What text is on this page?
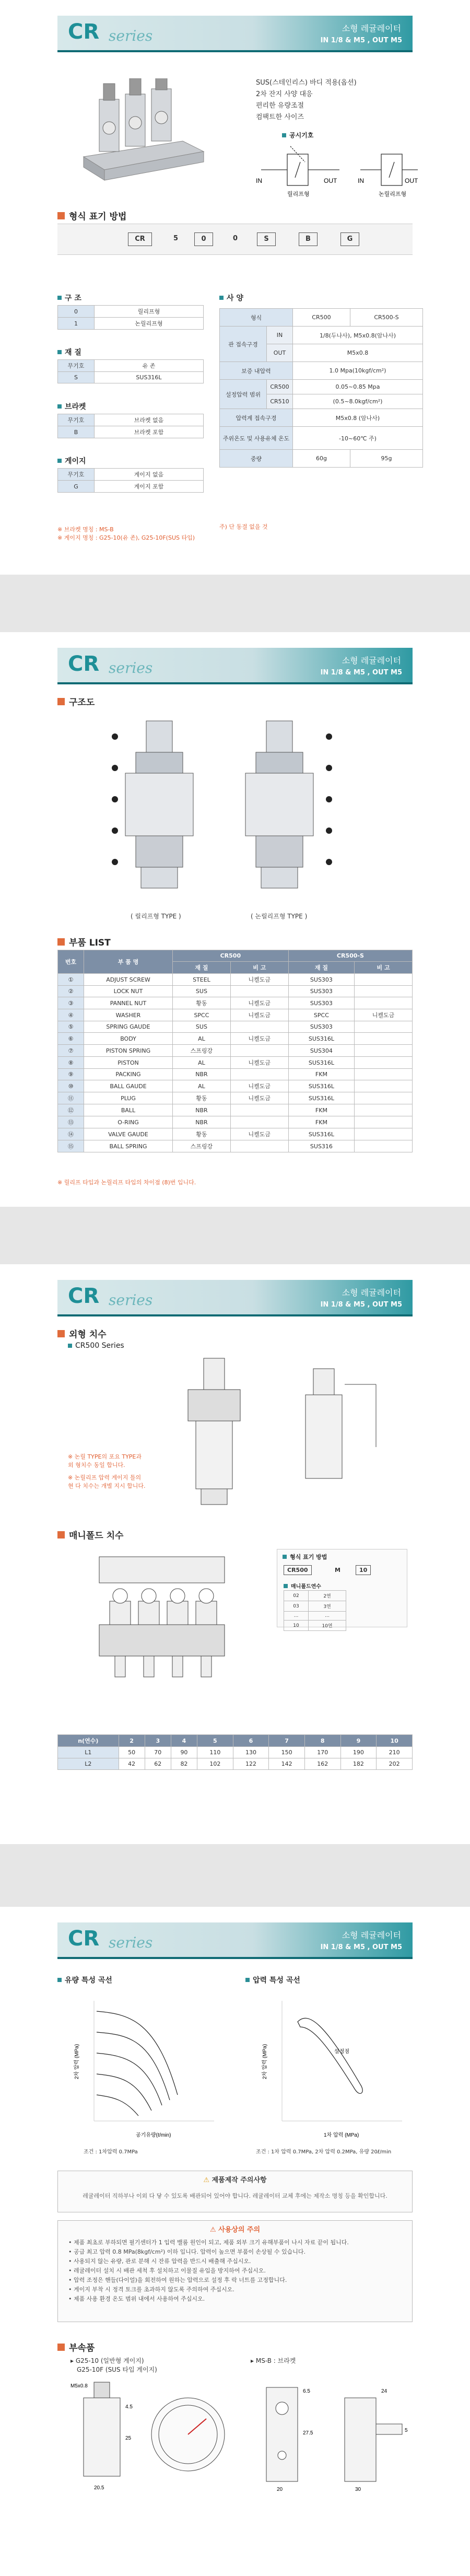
CR series	소형 레귤레이터
IN 1/8 & M5 , OUT M5
SUS(스테인리스) 바디 적용(옵션)
2차 잔지 사양 대응
편리한 유량조절
컴팩트한 사이즈
공시기호
IN	OUT
릴리프형
IN	OUT
논릴리프형
형식 표기 방법
CR	5	0	0	S	B	G
구 조
0	릴리프형
1	논릴리프형
재 질
무기호	유 존
S	SUS316L
브라켓
무기호	브라켓 없음
B	브라켓 포함
게이지
무기호	게이지 없음
G	게이지 포함
※ 브라켓 명칭 : MS-B
※ 게이지 명칭 : G25-10(유 존), G25-10F(SUS 타입)
사 양
형식		CR500	CR500-S
관 접속구경	IN	1/8(두나사), M5x0.8(암나사)	
	OUT	M5x0.8	
보증 내압력		1.0 Mpa(10kgf/cm²)	
설정압력 범위	CR500	0.05~0.85 Mpa	
	CR510	(0.5~8.0kgf/cm²)	
압력계 접속구경		M5x0.8 (암나사)	
주위온도 및 사용유체 온도		-10~60℃ 주)	
중량		60g	95g
주) 단 동결 없을 것
CR series	소형 레귤레이터
IN 1/8 & M5 , OUT M5
구조도
( 릴리프형 TYPE )	( 논릴리프형 TYPE )
부품 LIST
번호	부 품 명	CR500		CR500-S	
		재 질	비 고	재 질	비 고
①	ADJUST SCREW	STEEL	니켈도금	SUS303	
②	LOCK NUT	SUS		SUS303	
③	PANNEL NUT	황동	니켈도금	SUS303	
④	WASHER	SPCC	니켈도금	SPCC	니켈도금
⑤	SPRING GAUDE	SUS		SUS303	
⑥	BODY	AL	니켈도금	SUS316L	
⑦	PISTON SPRING	스프링강		SUS304	
⑧	PISTON	AL	니켈도금	SUS316L	
⑨	PACKING	NBR		FKM	
⑩	BALL GAUDE	AL	니켈도금	SUS316L	
⑪	PLUG	황동	니켈도금	SUS316L	
⑫	BALL	NBR		FKM	
⑬	O-RING	NBR		FKM	
⑭	VALVE GAUDE	황동	니켈도금	SUS316L	
⑮	BALL SPRING	스프링강		SUS316	
※ 릴리프 타입과 논릴리프 타입의 차이점 (8)번 입니다.
CR series	소형 레귤레이터
IN 1/8 & M5 , OUT M5
외형 치수
CR500 Series
※ 논릴 TYPE의 포요 TYPE과 외 형치수 동일 합니다.
※ 논릴리프 압력 게이지 틀의 현 다 치수는 개별 지시 합니다.
매니폴드 치수
형식 표기 방법
CR500	M	10
매니폴드연수
02	2연
03	3연
...	...
10	10연
n(연수)	2	3	4	5	6	7	8	9	10
L1	50	70	90	110	130	150	170	190	210
L2	42	62	82	102	122	142	162	182	202
CR series	소형 레귤레이터
IN 1/8 & M5 , OUT M5
유량 특성 곡선	압력 특성 곡선
공기유량(ℓ/min)
2차 압력 (MPa)	설정점
1차 압력 (MPa)
2차 압력 (MPa)
조건 : 1차압력 0.7MPa	조건 : 1차 압력 0.7MPa, 2차 압력 0.2MPa, 유량 20ℓ/min
⚠ 제품제작 주의사항
레귤레이터 직하부나 이외 다 닿 수 있도록 배관되어 있어야 합니다. 레귤레이터 교체 후에는 제작소 명칭 등을 확인합니다.
⚠ 사용상의 주의
• 제품 최초로 부하되면 필기센터가 1 입력 밸룸 원인이 되고, 제품 외부 크기 유해부품이 나시 자료 끝이 됩니다.
• 공급 최고 압력 0.8 MPa(8kgf/cm²) 이하 입니다. 압력이 높으면 부품이 손상될 수 있습니다.
• 사용되지 않는 유량, 관로 분해 시 잔류 압력을 반드시 배출해 주십시오.
• 레귤레이터 설치 시 배관 세척 후 설치하고 이물질 유입을 방지하여 주십시오.
• 압력 조정은 핸들(다이얼)을 회전하여 원하는 압력으로 설정 후 락 너트를 고정합니다.
• 게이지 부착 시 정격 토크를 초과하지 않도록 주의하여 주십시오.
• 제품 사용 환경 온도 범위 내에서 사용하여 주십시오.
부속품
▸ G25-10 (일반형 게이지)
G25-10F (SUS 타입 게이지)
▸ MS-B : 브라켓
M5x0.8
25
20.5
4.5
27.5
6.5
20	30
24
5
